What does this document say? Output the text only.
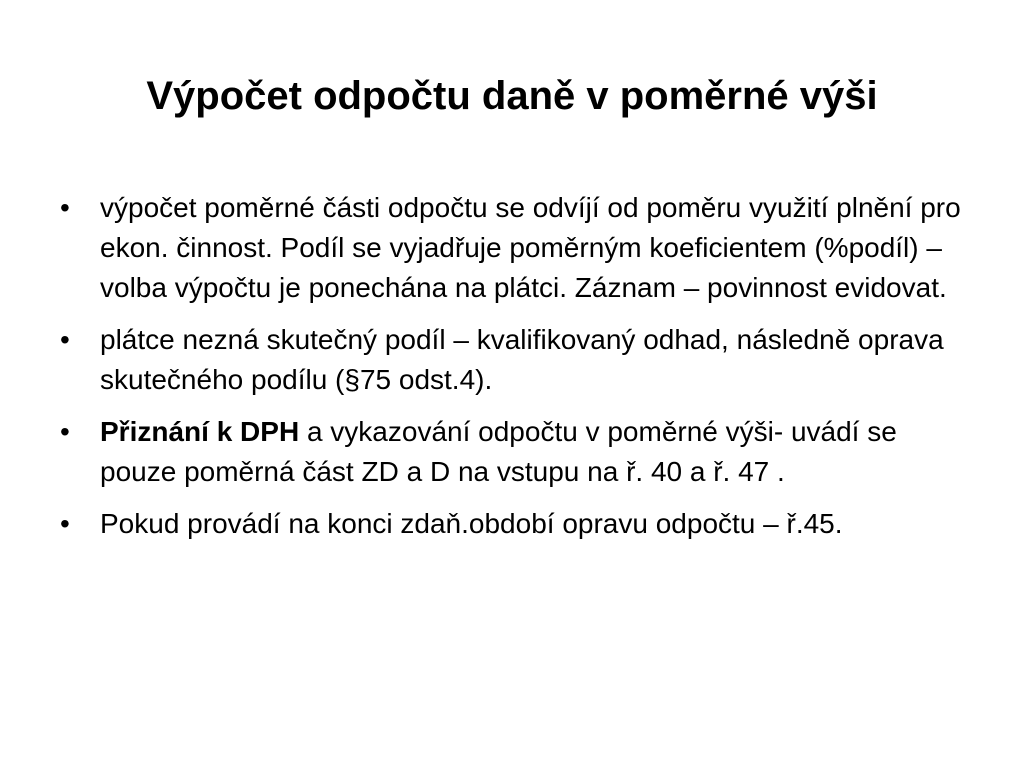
Výpočet odpočtu daně v poměrné výši
•	výpočet poměrné části odpočtu se odvíjí od poměru využití plnění pro ekon. činnost. Podíl se vyjadřuje poměrným koeficientem (%podíl) – volba výpočtu je ponechána na plátci. Záznam – povinnost evidovat.
•	plátce nezná skutečný podíl – kvalifikovaný odhad, následně oprava skutečného podílu (§75 odst.4).
•	Přiznání k DPH a vykazování odpočtu v poměrné výši- uvádí se pouze poměrná část ZD a D na vstupu na ř. 40 a ř. 47 .
•	Pokud provádí na konci zdaň.období opravu odpočtu – ř.45.
